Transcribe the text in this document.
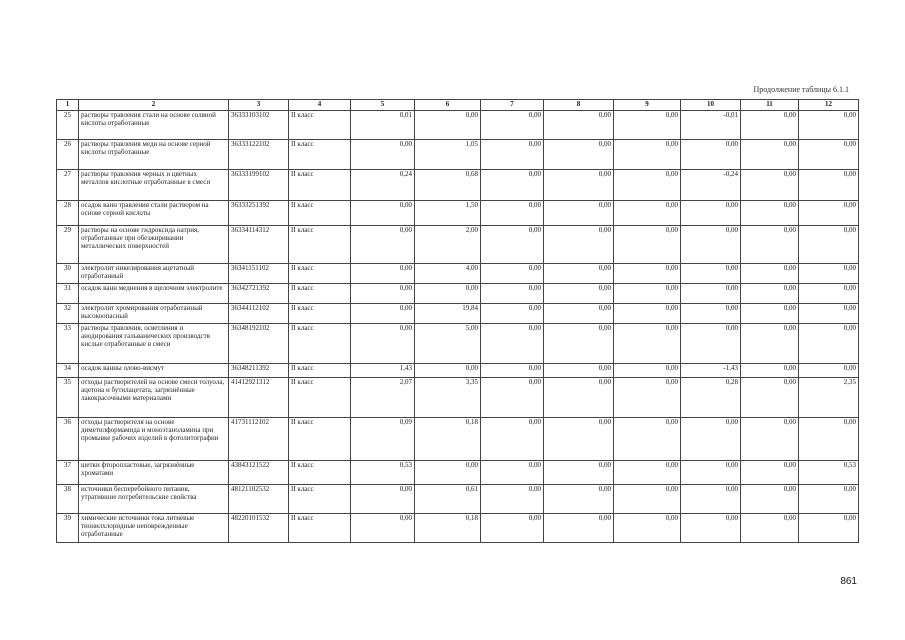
Продолжение таблицы 6.1.1
1	2	3	4	5	6	7	8	9	10	11	12
25	растворы травления стали на основе соляной кислоты отработанные	36333103102	II класс	0,01	0,00	0,00	0,00	0,00	-0,01	0,00	0,00
26	растворы травления меди на основе серной кислоты отработанные	36333122102	II класс	0,00	1,05	0,00	0,00	0,00	0,00	0,00	0,00
27	растворы травления черных и цветных металлов кислотные отработанные в смеси	36333199102	II класс	0,24	0,68	0,00	0,00	0,00	-0,24	0,00	0,00
28	осадок ванн травления стали раствором на основе серной кислоты	36333251392	II класс	0,00	1,50	0,00	0,00	0,00	0,00	0,00	0,00
29	растворы на основе гидроксида натрия, отработанные при обезжиривании металлических поверхностей	36334114312	II класс	0,00	2,00	0,00	0,00	0,00	0,00	0,00	0,00
30	электролит никелирования ацетатный отработанный	36341151102	II класс	0,00	4,00	0,00	0,00	0,00	0,00	0,00	0,00
31	осадок ванн меднения в щелочном электролите	36342721392	II класс	0,00	0,00	0,00	0,00	0,00	0,00	0,00	0,00
32	электролит хромирования отработанный высокоопасный	36344112102	II класс	0,00	19,84	0,00	0,00	0,00	0,00	0,00	0,00
33	растворы травления, осветления и анодирования гальванических производств кислые отработанные в смеси	36348192102	II класс	0,00	5,00	0,00	0,00	0,00	0,00	0,00	0,00
34	осадок ванны олово-висмут	36348211392	II класс	1,43	0,00	0,00	0,00	0,00	-1,43	0,00	0,00
35	отходы растворителей на основе смеси толуола, ацетона и бутилацетата, загрязнённые лакокрасочными материалами	41412921312	II класс	2,07	3,35	0,00	0,00	0,00	0,28	0,00	2,35
36	отходы растворителя на основе диметилформамида и моноэтаноламина при промывке рабочих изделий в фотолитографии	41731112102	II класс	0,09	0,18	0,00	0,00	0,00	0,00	0,00	0,00
37	шетки фторопластовые, загрязнённые хроматами	43843121522	II класс	0,53	0,00	0,00	0,00	0,00	0,00	0,00	0,53
38	источники бесперебойного питания, утратившие потребительские свойства	48121102532	II класс	0,00	0,61	0,00	0,00	0,00	0,00	0,00	0,00
39	химические источники тока литиевые тионилхлоридные неповрежденные отработанные	48220101532	II класс	0,00	0,18	0,00	0,00	0,00	0,00	0,00	0,00
861
